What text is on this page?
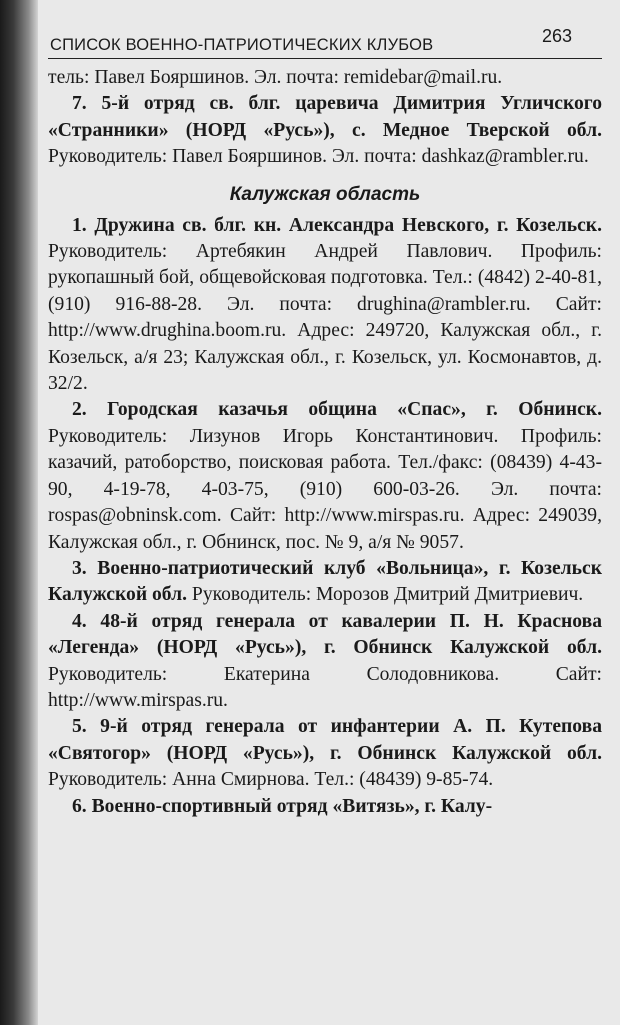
СПИСОК ВОЕННО-ПАТРИОТИЧЕСКИХ КЛУБОВ	263

тель: Павел Бояршинов. Эл. почта: remidebar@mail.ru.

7. 5-й отряд св. блг. царевича Димитрия Угличского «Странники» (НОРД «Русь»), с. Медное Тверской обл. Руководитель: Павел Бояршинов. Эл. почта: dashkaz@rambler.ru.

Калужская область

1. Дружина св. блг. кн. Александра Невского, г. Козельск. Руководитель: Артебякин Андрей Павлович. Профиль: рукопашный бой, общевойсковая подготовка. Тел.: (4842) 2-40-81, (910) 916-88-28. Эл. почта: drughina@rambler.ru. Сайт: http://www.drughina.boom.ru. Адрес: 249720, Калужская обл., г. Козельск, а/я 23; Калужская обл., г. Козельск, ул. Космонавтов, д. 32/2.

2. Городская казачья община «Спас», г. Обнинск. Руководитель: Лизунов Игорь Константинович. Профиль: казачий, ратоборство, поисковая работа. Тел./факс: (08439) 4-43-90, 4-19-78, 4-03-75, (910) 600-03-26. Эл. почта: rospas@obninsk.com. Сайт: http://www.mirspas.ru. Адрес: 249039, Калужская обл., г. Обнинск, пос. № 9, а/я № 9057.

3. Военно-патриотический клуб «Вольница», г. Козельск Калужской обл. Руководитель: Морозов Дмитрий Дмитриевич.

4. 48-й отряд генерала от кавалерии П. Н. Краснова «Легенда» (НОРД «Русь»), г. Обнинск Калужской обл. Руководитель: Екатерина Солодовникова. Сайт: http://www.mirspas.ru.

5. 9-й отряд генерала от инфантерии А. П. Кутепова «Святогор» (НОРД «Русь»), г. Обнинск Калужской обл. Руководитель: Анна Смирнова. Тел.: (48439) 9-85-74.

6. Военно-спортивный отряд «Витязь», г. Калу-
